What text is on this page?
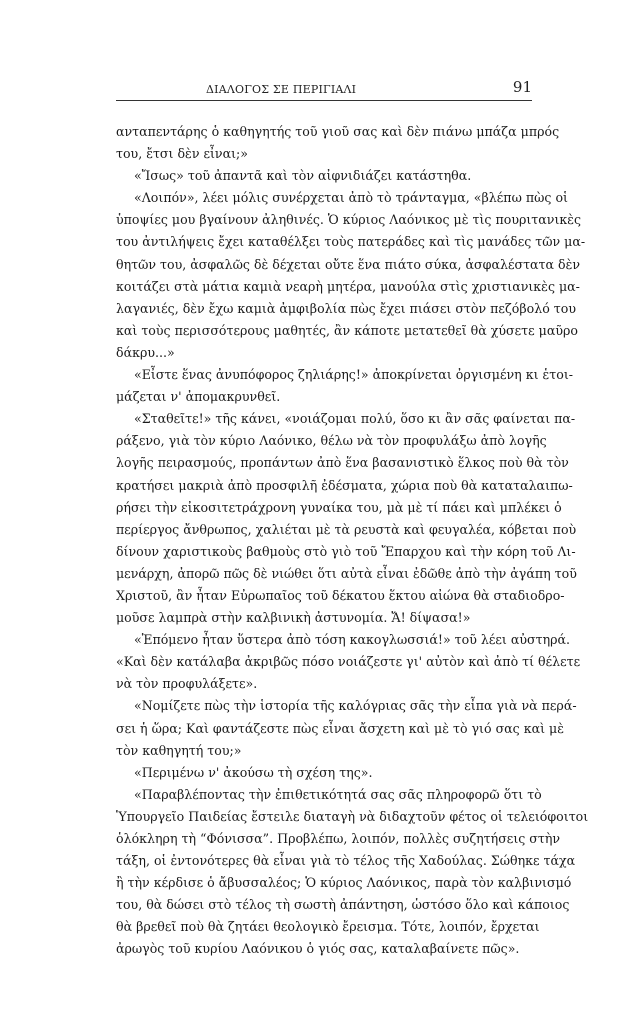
ΔΙΑΛΟΓΟΣ ΣΕ ΠΕΡΙΓΙΑΛΙ	91
ανταπεντάρης ὁ καθηγητής τοῦ γιοῦ σας καὶ δὲν πιάνω μπάζα μπρός
του, ἔτσι δὲν εἶναι;»
«Ἴσως» τοῦ ἀπαντᾶ καὶ τὸν αἰφνιδιάζει κατάστηθα.
«Λοιπόν», λέει μόλις συνέρχεται ἀπὸ τὸ τράνταγμα, «βλέπω πὼς οἱ
ὑποψίες μου βγαίνουν ἀληθινές. Ὁ κύριος Λαόνικος μὲ τὶς πουριτανικὲς
του ἀντιλήψεις ἔχει καταθέλξει τοὺς πατεράδες καὶ τὶς μανάδες τῶν μα-
θητῶν του, ἀσφαλῶς δὲ δέχεται οὔτε ἕνα πιάτο σύκα, ἀσφαλέστατα δὲν
κοιτάζει στὰ μάτια καμιὰ νεαρὴ μητέρα, μανούλα στὶς χριστιανικὲς μα-
λαγανιές, δὲν ἔχω καμιὰ ἀμφιβολία πὼς ἔχει πιάσει στὸν πεζόβολό του
καὶ τοὺς περισσότερους μαθητές, ἂν κάποτε μετατεθεῖ θὰ χύσετε μαῦρο
δάκρυ...»
«Εἶστε ἕνας ἀνυπόφορος ζηλιάρης!» ἀποκρίνεται ὀργισμένη κι ἑτοι-
μάζεται ν' ἀπομακρυνθεῖ.
«Σταθεῖτε!» τῆς κάνει, «νοιάζομαι πολύ, ὅσο κι ἂν σᾶς φαίνεται πα-
ράξενο, γιὰ τὸν κύριο Λαόνικο, θέλω νὰ τὸν προφυλάξω ἀπὸ λογῆς
λογῆς πειρασμούς, προπάντων ἀπὸ ἕνα βασανιστικὸ ἕλκος ποὺ θὰ τὸν
κρατήσει μακριὰ ἀπὸ προσφιλῆ ἐδέσματα, χώρια ποὺ θὰ καταταλαιπω-
ρήσει τὴν εἰκοσιτετράχρονη γυναίκα του, μὰ μὲ τί πάει καὶ μπλέκει ὁ
περίεργος ἄνθρωπος, χαλιέται μὲ τὰ ρευστὰ καὶ φευγαλέα, κόβεται ποὺ
δίνουν χαριστικοὺς βαθμοὺς στὸ γιὸ τοῦ Ἔπαρχου καὶ τὴν κόρη τοῦ Λι-
μενάρχη, ἀπορῶ πῶς δὲ νιώθει ὅτι αὐτὰ εἶναι ἐδῶθε ἀπὸ τὴν ἀγάπη τοῦ
Χριστοῦ, ἂν ἦταν Εὐρωπαῖος τοῦ δέκατου ἕκτου αἰώνα θὰ σταδιοδρο-
μοῦσε λαμπρὰ στὴν καλβινικὴ ἀστυνομία. Ἄ! δίψασα!»
«Ἐπόμενο ἦταν ὕστερα ἀπὸ τόση κακογλωσσιά!» τοῦ λέει αὐστηρά.
«Καὶ δὲν κατάλαβα ἀκριβῶς πόσο νοιάζεστε γι' αὐτὸν καὶ ἀπὸ τί θέλετε
νὰ τὸν προφυλάξετε».
«Νομίζετε πὼς τὴν ἱστορία τῆς καλόγριας σᾶς τὴν εἶπα γιὰ νὰ περά-
σει ἡ ὥρα; Καὶ φαντάζεστε πὼς εἶναι ἄσχετη καὶ μὲ τὸ γιό σας καὶ μὲ
τὸν καθηγητή του;»
«Περιμένω ν' ἀκούσω τὴ σχέση της».
«Παραβλέποντας τὴν ἐπιθετικότητά σας σᾶς πληροφορῶ ὅτι τὸ
Ὑπουργεῖο Παιδείας ἔστειλε διαταγὴ νὰ διδαχτοῦν φέτος οἱ τελειόφοιτοι
ὁλόκληρη τὴ “Φόνισσα”. Προβλέπω, λοιπόν, πολλὲς συζητήσεις στὴν
τάξη, οἱ ἐντονότερες θὰ εἶναι γιὰ τὸ τέλος τῆς Χαδούλας. Σώθηκε τάχα
ἢ τὴν κέρδισε ὁ ἄβυσσαλέος; Ὁ κύριος Λαόνικος, παρὰ τὸν καλβινισμό
του, θὰ δώσει στὸ τέλος τὴ σωστὴ ἀπάντηση, ὡστόσο ὅλο καὶ κάποιος
θὰ βρεθεῖ ποὺ θὰ ζητάει θεολογικὸ ἔρεισμα. Τότε, λοιπόν, ἔρχεται
ἀρωγὸς τοῦ κυρίου Λαόνικου ὁ γιός σας, καταλαβαίνετε πῶς».
